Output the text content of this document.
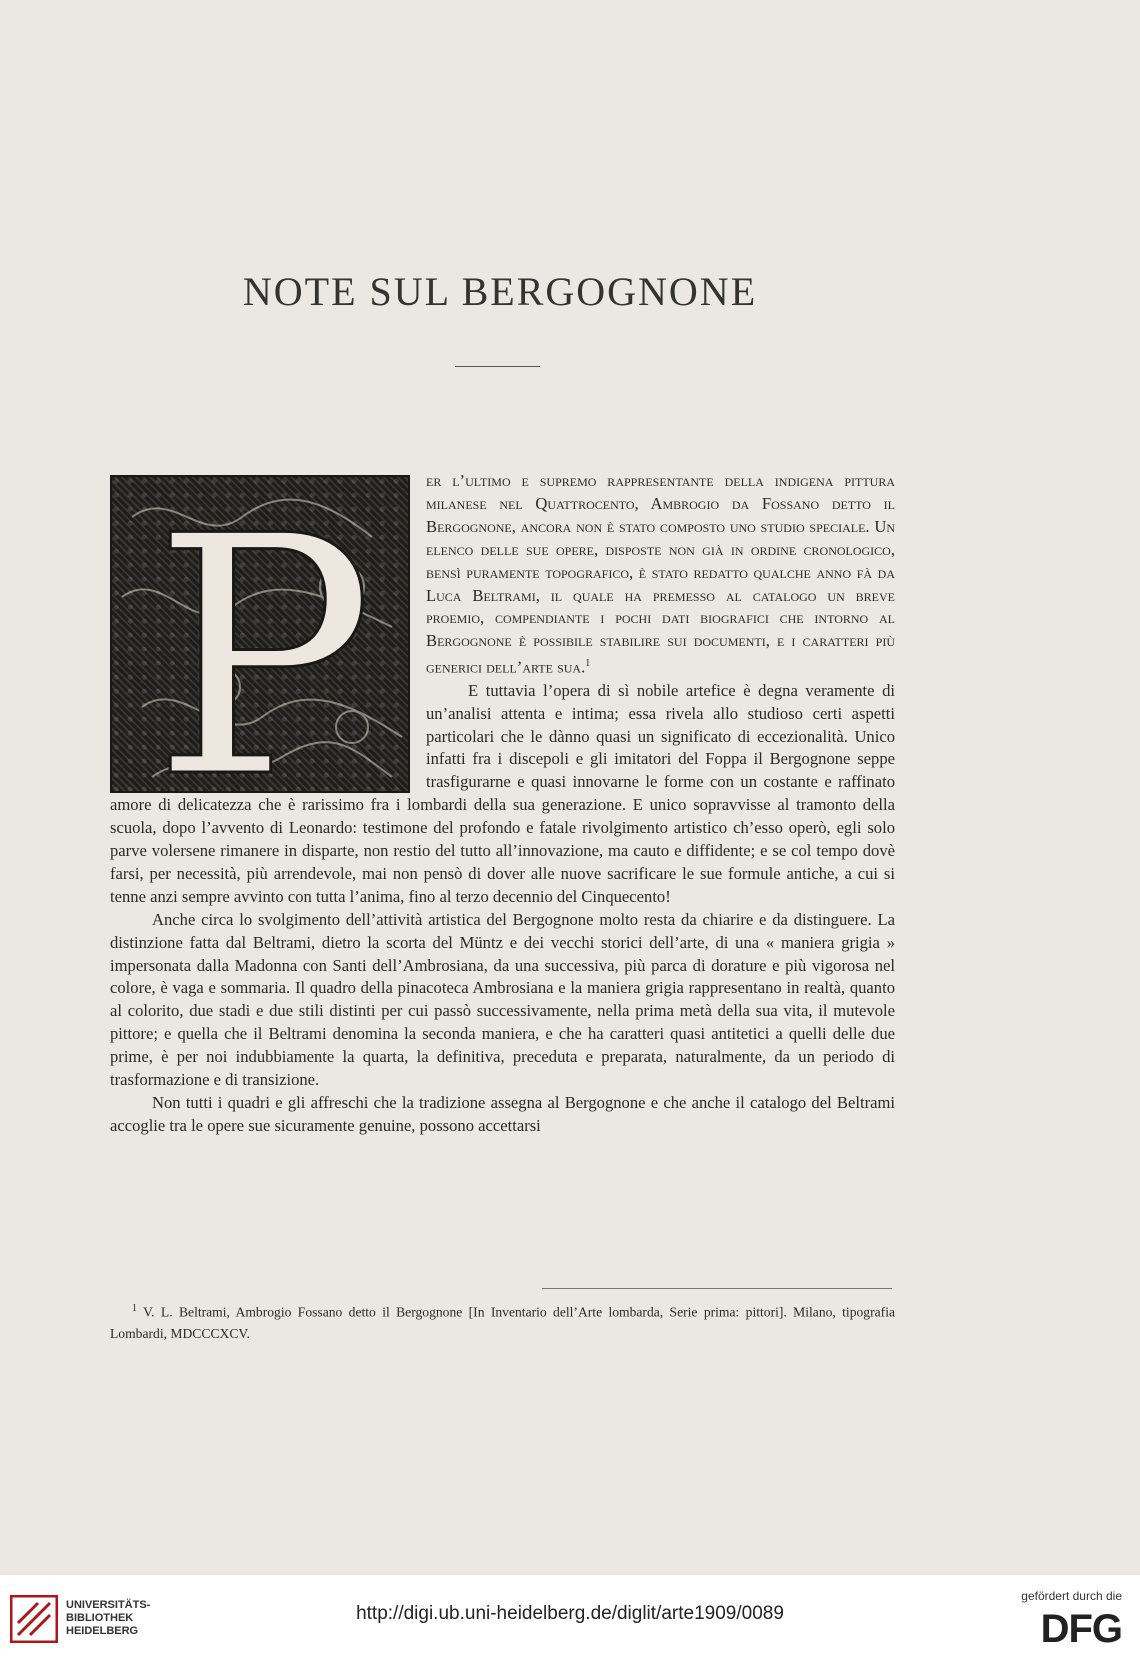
NOTE SUL BERGOGNONE
P	er l’ultimo e supremo rappresentante della indigena pittura milanese nel Quattrocento, Ambrogio da Fossano detto il Bergognone, ancora non è stato composto uno studio speciale. Un elenco delle sue opere, disposte non già in ordine cronologico, bensì puramente topografico, è stato redatto qualche anno fà da Luca Beltrami, il quale ha premesso al catalogo un breve proemio, compendiante i pochi dati biografici che intorno al Bergognone è possibile stabilire sui documenti, e i caratteri più generici dell’arte sua.$^1$

E tuttavia l’opera di sì nobile artefice è degna veramente di un’analisi attenta e intima; essa rivela allo studioso certi aspetti particolari che le dànno quasi un significato di eccezionalità. Unico infatti fra i discepoli e gli imitatori del Foppa il Bergognone seppe trasfigurarne e quasi innovarne le forme con un costante e raffinato amore di delicatezza che è rarissimo fra i lombardi della sua generazione. E unico sopravvisse al tramonto della scuola, dopo l’avvento di Leonardo: testimone del profondo e fatale rivolgimento artistico ch’esso operò, egli solo parve volersene rimanere in disparte, non restio del tutto all’innovazione, ma cauto e diffidente; e se col tempo dovè farsi, per necessità, più arrendevole, mai non pensò di dover alle nuove sacrificare le sue formule antiche, a cui si tenne anzi sempre avvinto con tutta l’anima, fino al terzo decennio del Cinquecento!

Anche circa lo svolgimento dell’attività artistica del Bergognone molto resta da chiarire e da distinguere. La distinzione fatta dal Beltrami, dietro la scorta del Müntz e dei vecchi storici dell’arte, di una « maniera grigia » impersonata dalla Madonna con Santi dell’Ambrosiana, da una successiva, più parca di dorature e più vigorosa nel colore, è vaga e sommaria. Il quadro della pinacoteca Ambrosiana e la maniera grigia rappresentano in realtà, quanto al colorito, due stadi e due stili distinti per cui passò successivamente, nella prima metà della sua vita, il mutevole pittore; e quella che il Beltrami denomina la seconda maniera, e che ha caratteri quasi antitetici a quelli delle due prime, è per noi indubbiamente la quarta, la definitiva, preceduta e preparata, naturalmente, da un periodo di trasformazione e di transizione.

Non tutti i quadri e gli affreschi che la tradizione assegna al Bergognone e che anche il catalogo del Beltrami accoglie tra le opere sue sicuramente genuine, possono accettarsi

$^1$ V. L. Beltrami, Ambrogio Fossano detto il Bergognone [In Inventario dell’Arte lombarda, Serie prima: pittori]. Milano, tipografia Lombardi, MDCCCXCV.

UNIVERSITÄTS-
BIBLIOTHEK
HEIDELBERG
http://digi.ub.uni-heidelberg.de/diglit/arte1909/0089
gefördert durch die
DFG
